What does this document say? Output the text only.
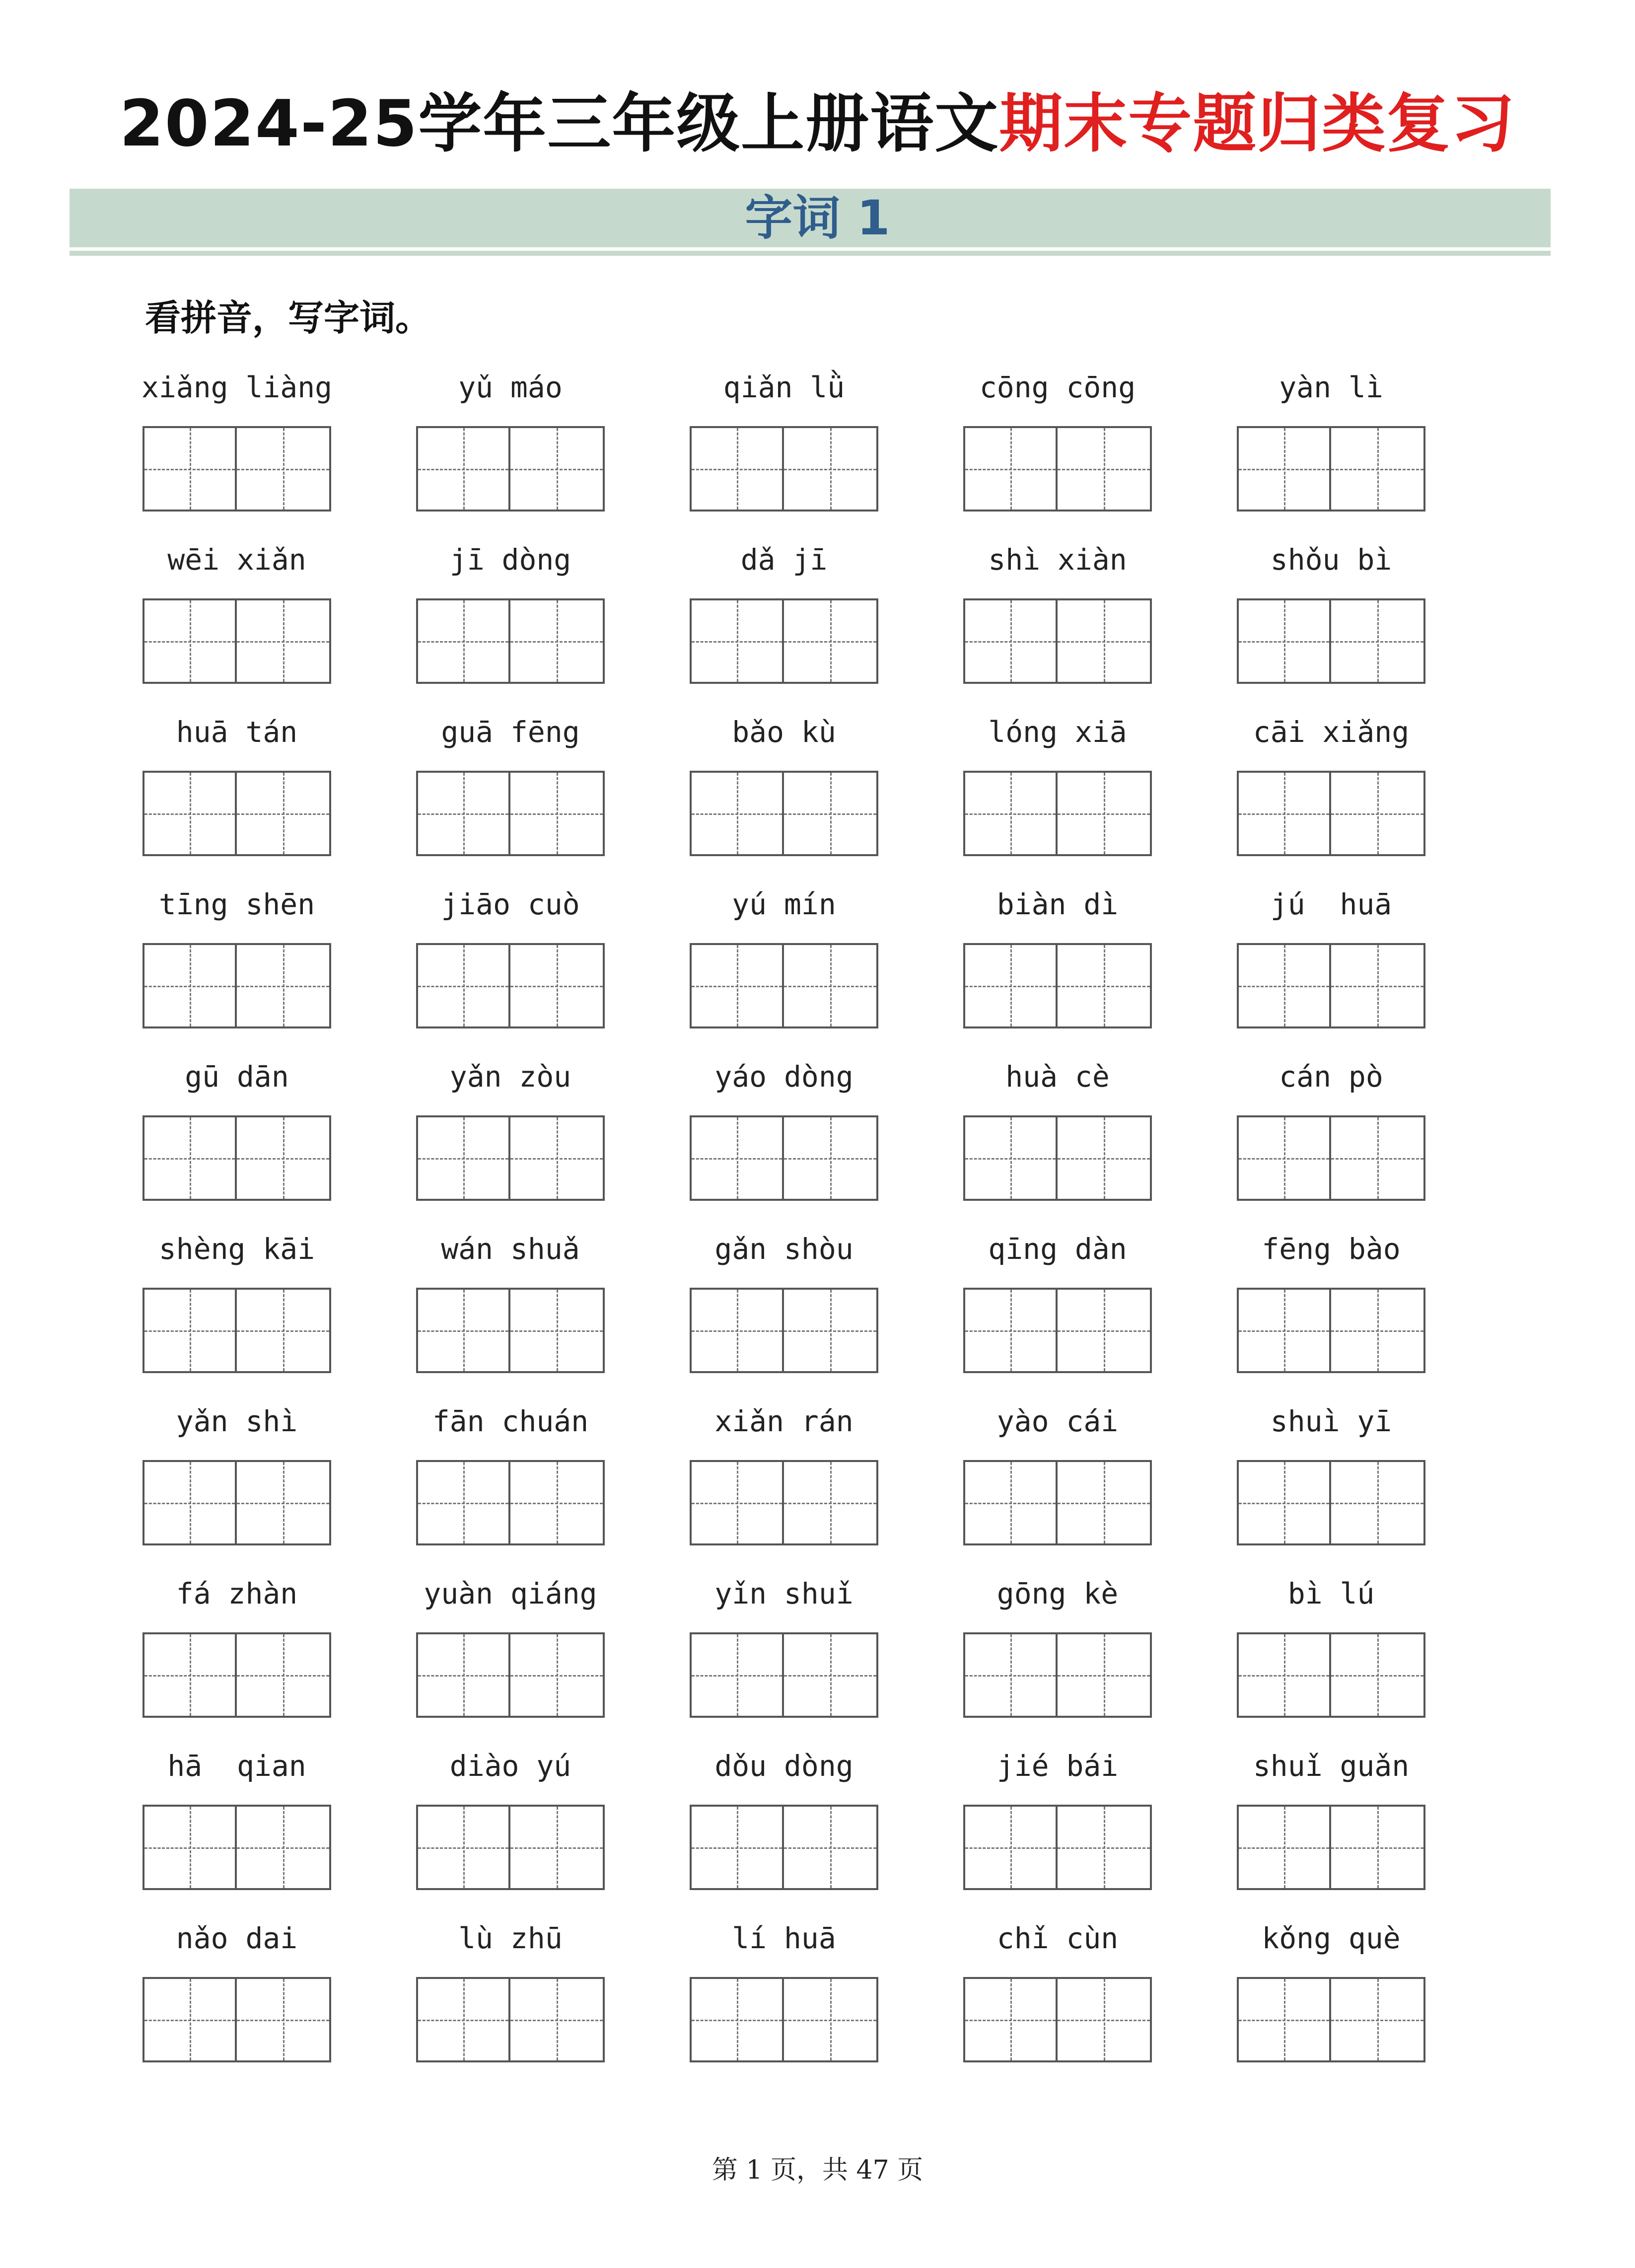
2024-25学年三年级上册语文期末专题归类复习
字词 1
看拼音，写字词。
xiǎng liàng	yǔ máo	qiǎn lǜ	cōng cōng	yàn lì
wēi xiǎn	jī dòng	dǎ jī	shì xiàn	shǒu bì
huā tán	guā fēng	bǎo kù	lóng xiā	cāi xiǎng
tīng shēn	jiāo cuò	yú mín	biàn dì	jú  huā
gū dān	yǎn zòu	yáo dòng	huà cè	cán pò
shèng kāi	wán shuǎ	gǎn shòu	qīng dàn	fēng bào
yǎn shì	fān chuán	xiǎn rán	yào cái	shuì yī
fá zhàn	yuàn qiáng	yǐn shuǐ	gōng kè	bì lú
hā  qian	diào yú	dǒu dòng	jié bái	shuǐ guǎn
nǎo dai	lù zhū	lí huā	chǐ cùn	kǒng què
第 1 页，共 47 页
